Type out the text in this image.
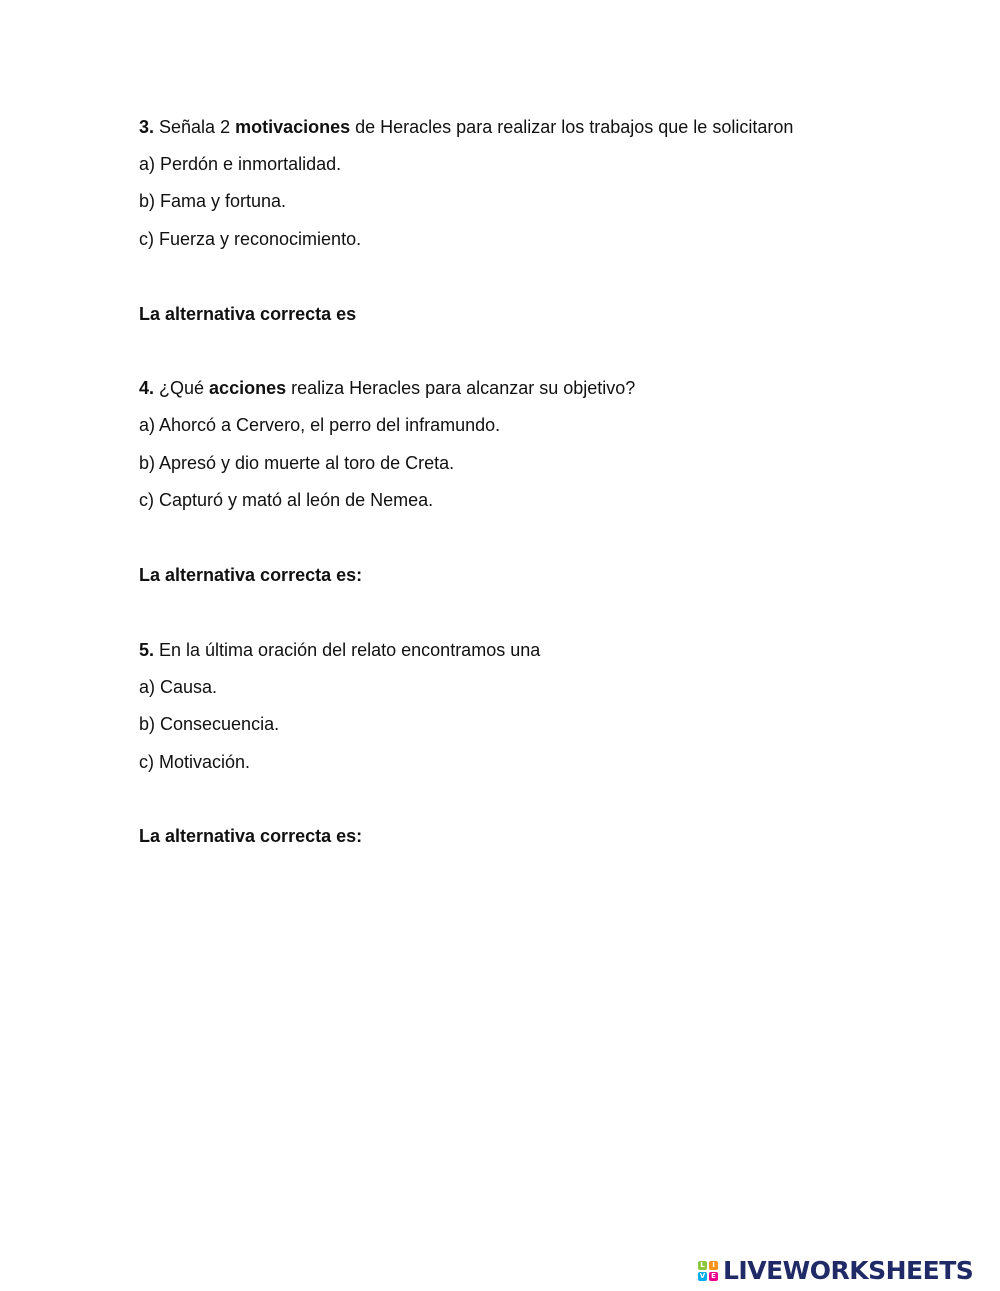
3. Señala 2 motivaciones de Heracles para realizar los trabajos que le solicitaron
a) Perdón e inmortalidad.
b) Fama y fortuna.
c) Fuerza y reconocimiento.
La alternativa correcta es
4. ¿Qué acciones realiza Heracles para alcanzar su objetivo?
a) Ahorcó a Cervero, el perro del inframundo.
b) Apresó y dio muerte al toro de Creta.
c) Capturó y mató al león de Nemea.
La alternativa correcta es:
5. En la última oración del relato encontramos una
a) Causa.
b) Consecuencia.
c) Motivación.
La alternativa correcta es:
L	I
V E LIVEWORKSHEETS
